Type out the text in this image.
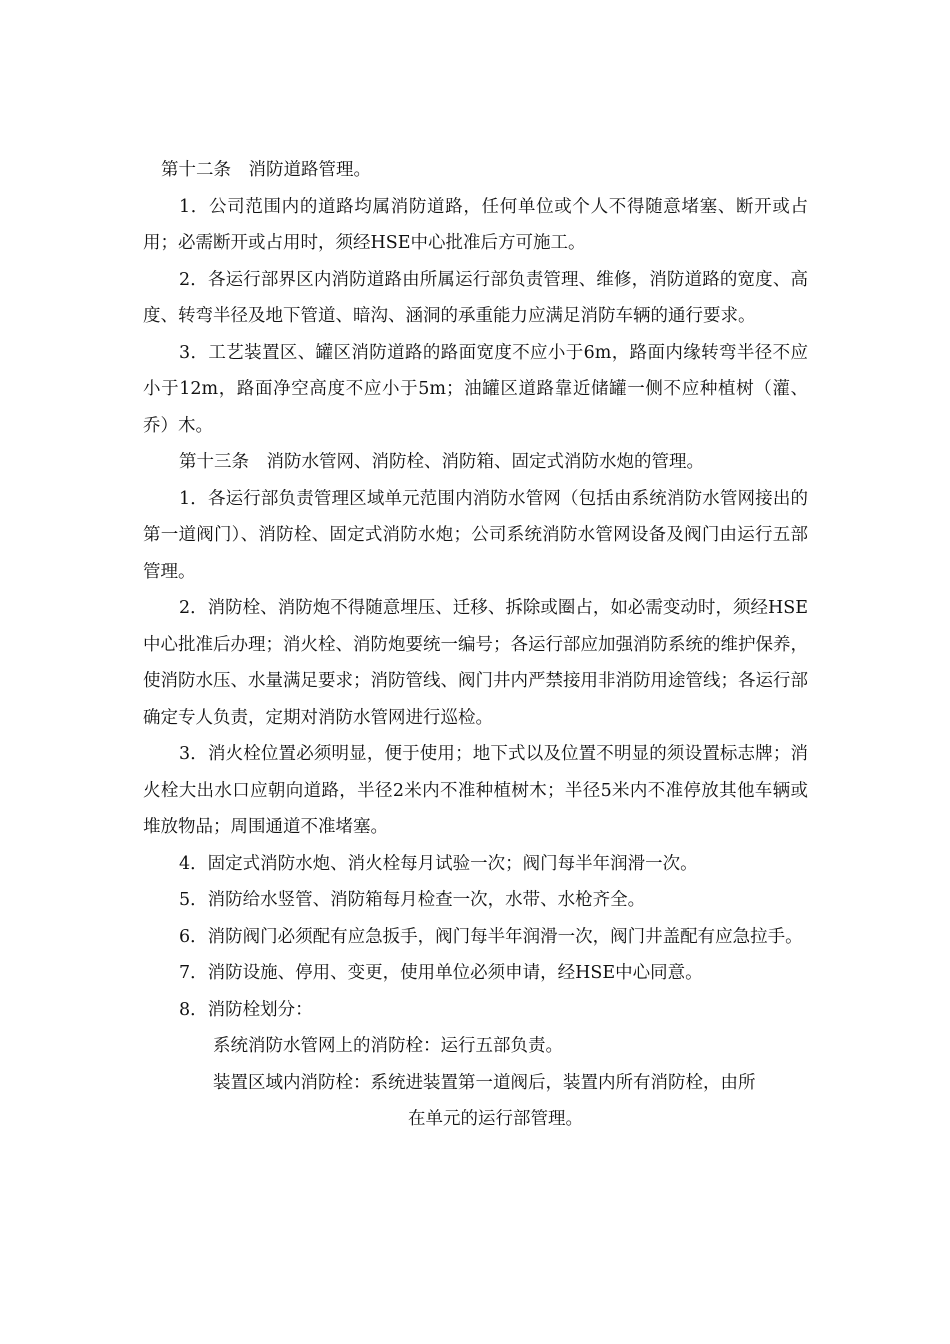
第十二条　消防道路管理。

1．公司范围内的道路均属消防道路，任何单位或个人不得随意堵塞、断开或占用；必需断开或占用时，须经HSE中心批准后方可施工。

2．各运行部界区内消防道路由所属运行部负责管理、维修，消防道路的宽度、高度、转弯半径及地下管道、暗沟、涵洞的承重能力应满足消防车辆的通行要求。

3．工艺装置区、罐区消防道路的路面宽度不应小于6m，路面内缘转弯半径不应小于12m，路面净空高度不应小于5m；油罐区道路靠近储罐一侧不应种植树（灌、乔）木。

第十三条　消防水管网、消防栓、消防箱、固定式消防水炮的管理。

1．各运行部负责管理区域单元范围内消防水管网（包括由系统消防水管网接出的第一道阀门）、消防栓、固定式消防水炮；公司系统消防水管网设备及阀门由运行五部管理。

2．消防栓、消防炮不得随意埋压、迁移、拆除或圈占，如必需变动时，须经HSE中心批准后办理；消火栓、消防炮要统一编号；各运行部应加强消防系统的维护保养，使消防水压、水量满足要求；消防管线、阀门井内严禁接用非消防用途管线；各运行部确定专人负责，定期对消防水管网进行巡检。

3．消火栓位置必须明显，便于使用；地下式以及位置不明显的须设置标志牌；消火栓大出水口应朝向道路，半径2米内不准种植树木；半径5米内不准停放其他车辆或堆放物品；周围通道不准堵塞。

4．固定式消防水炮、消火栓每月试验一次；阀门每半年润滑一次。

5．消防给水竖管、消防箱每月检查一次，水带、水枪齐全。

6．消防阀门必须配有应急扳手，阀门每半年润滑一次，阀门井盖配有应急拉手。

7．消防设施、停用、变更，使用单位必须申请，经HSE中心同意。

8．消防栓划分：

系统消防水管网上的消防栓：运行五部负责。

装置区域内消防栓：系统进装置第一道阀后，装置内所有消防栓，由所

在单元的运行部管理。
